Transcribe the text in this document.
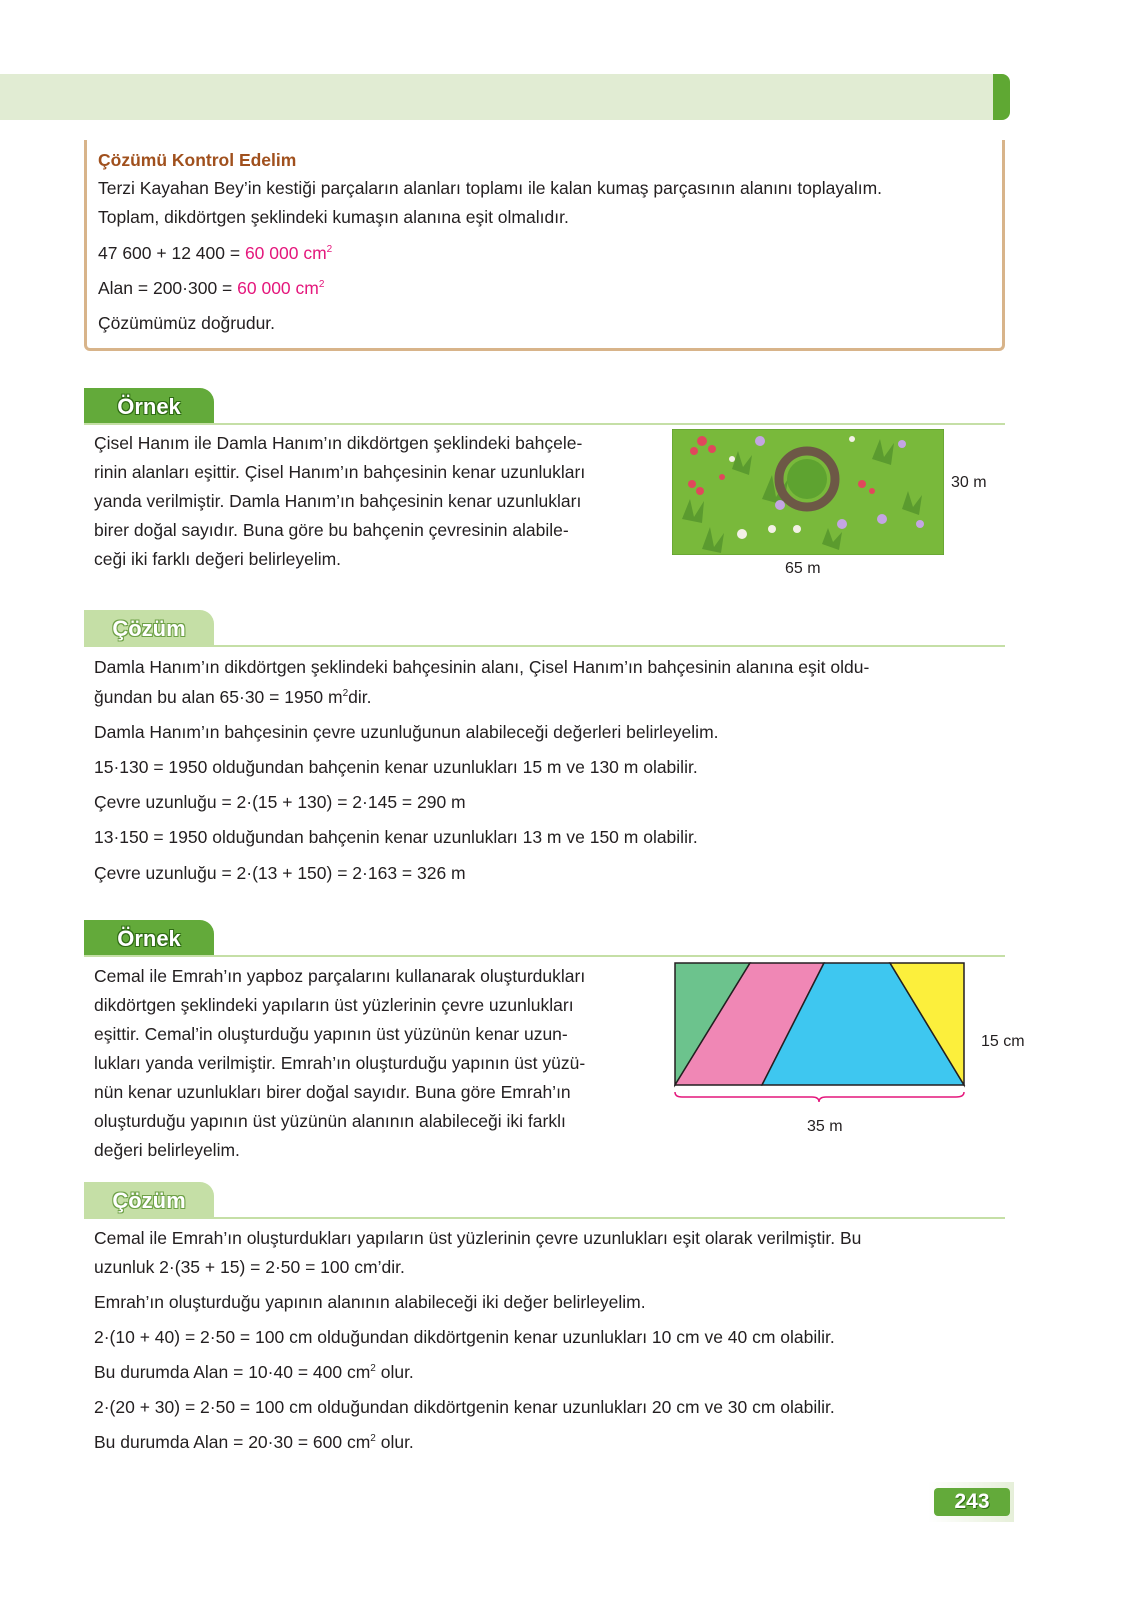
Çözümü Kontrol Edelim
Terzi Kayahan Bey’in kestiği parçaların alanları toplamı ile kalan kumaş parçasının alanını toplayalım.
Toplam, dikdörtgen şeklindeki kumaşın alanına eşit olmalıdır.
47 600 + 12 400 = 60 000 $cm^2$
Alan = 200·300 = 60 000 $cm^2$
Çözümümüz doğrudur.
Örnek
Çisel Hanım ile Damla Hanım’ın dikdörtgen şeklindeki bahçele-
rinin alanları eşittir. Çisel Hanım’ın bahçesinin kenar uzunlukları
yanda verilmiştir. Damla Hanım’ın bahçesinin kenar uzunlukları
birer doğal sayıdır. Buna göre bu bahçenin çevresinin alabile-
ceği iki farklı değeri belirleyelim.
30 m
65 m
Çözüm
Damla Hanım’ın dikdörtgen şeklindeki bahçesinin alanı, Çisel Hanım’ın bahçesinin alanına eşit oldu-
ğundan bu alan 65·30 = 1950 $m^2dir$.
Damla Hanım’ın bahçesinin çevre uzunluğunun alabileceği değerleri belirleyelim.
15·130 = 1950 olduğundan bahçenin kenar uzunlukları 15 m ve 130 m olabilir.
Çevre uzunluğu = 2·(15 + 130) = 2·145 = 290 m
13·150 = 1950 olduğundan bahçenin kenar uzunlukları 13 m ve 150 m olabilir.
Çevre uzunluğu = 2·(13 + 150) = 2·163 = 326 m
Örnek
Cemal ile Emrah’ın yapboz parçalarını kullanarak oluşturdukları
dikdörtgen şeklindeki yapıların üst yüzlerinin çevre uzunlukları
eşittir. Cemal’in oluşturduğu yapının üst yüzünün kenar uzun-
lukları yanda verilmiştir. Emrah’ın oluşturduğu yapının üst yüzü-
nün kenar uzunlukları birer doğal sayıdır. Buna göre Emrah’ın
oluşturduğu yapının üst yüzünün alanının alabileceği iki farklı
değeri belirleyelim.
15 cm
35 m
Çözüm
Cemal ile Emrah’ın oluşturdukları yapıların üst yüzlerinin çevre uzunlukları eşit olarak verilmiştir. Bu
uzunluk 2·(35 + 15) = 2·50 = 100 cm’dir.
Emrah’ın oluşturduğu yapının alanının alabileceği iki değer belirleyelim.
2·(10 + 40) = 2·50 = 100 cm olduğundan dikdörtgenin kenar uzunlukları 10 cm ve 40 cm olabilir.
Bu durumda Alan = 10·40 = 400 $cm^2$ olur.
2·(20 + 30) = 2·50 = 100 cm olduğundan dikdörtgenin kenar uzunlukları 20 cm ve 30 cm olabilir.
Bu durumda Alan = 20·30 = 600 $cm^2$ olur.
243
